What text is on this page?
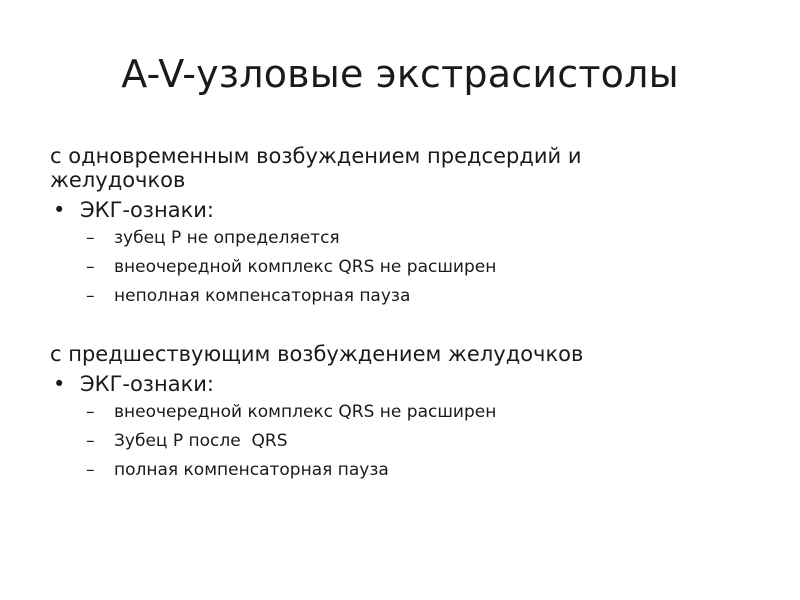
A-V-узловые экстрасистолы

с одновременным возбуждением предсердий и желудочков

• ЭКГ-ознаки:
– зубец P не определяется
– внеочередной комплекс QRS не расширен
– неполная компенсаторная пауза

с предшествующим возбуждением желудочков

• ЭКГ-ознаки:
– внеочередной комплекс QRS не расширен
– Зубец Р после  QRS
– полная компенсаторная пауза
